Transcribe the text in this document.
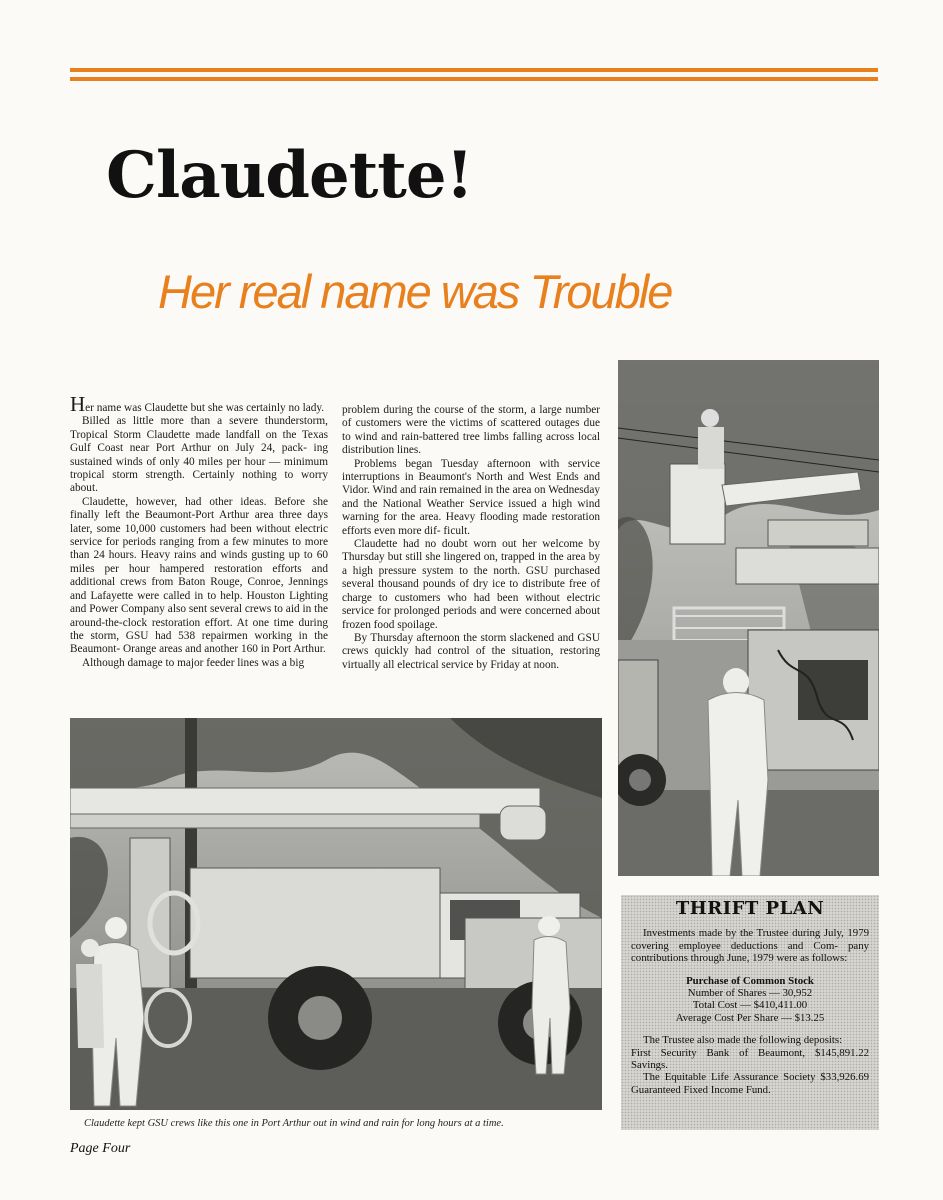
Claudette!
Her real name was Trouble

Her name was Claudette but she was certainly no lady.

Billed as little more than a severe thunderstorm, Tropical Storm Claudette made landfall on the Texas Gulf Coast near Port Arthur on July 24, pack- ing sustained winds of only 40 miles per hour — minimum tropical storm strength. Certainly nothing to worry about.

Claudette, however, had other ideas. Before she finally left the Beaumont-Port Arthur area three days later, some 10,000 customers had been without electric service for periods ranging from a few minutes to more than 24 hours. Heavy rains and winds gusting up to 60 miles per hour hampered restoration efforts and additional crews from Baton Rouge, Conroe, Jennings and Lafayette were called in to help. Houston Lighting and Power Company also sent several crews to aid in the around-the-clock restoration effort. At one time during the storm, GSU had 538 repairmen working in the Beaumont- Orange areas and another 160 in Port Arthur.

Although damage to major feeder lines was a big

problem during the course of the storm, a large number of customers were the victims of scattered outages due to wind and rain-battered tree limbs falling across local distribution lines.

Problems began Tuesday afternoon with service interruptions in Beaumont's North and West Ends and Vidor. Wind and rain remained in the area on Wednesday and the National Weather Service issued a high wind warning for the area. Heavy flooding made restoration efforts even more dif- ficult.

Claudette had no doubt worn out her welcome by Thursday but still she lingered on, trapped in the area by a high pressure system to the north. GSU purchased several thousand pounds of dry ice to distribute free of charge to customers who had been without electric service for prolonged periods and were concerned about frozen food spoilage.

By Thursday afternoon the storm slackened and GSU crews quickly had control of the situation, restoring virtually all electrical service by Friday at noon.

Claudette kept GSU crews like this one in Port Arthur out in wind and rain for long hours at a time.
Page Four
THRIFT PLAN

Investments made by the Trustee during July, 1979 covering employee deductions and Com- pany contributions through June, 1979 were as follows:

Purchase of Common Stock
Number of Shares — 30,952
Total Cost — $410,411.00
Average Cost Per Share — $13.25

The Trustee also made the following deposits:

First Security Bank of Beaumont, $145,891.22 Savings.

The Equitable Life Assurance Society $33,926.69 Guaranteed Fixed Income Fund.
